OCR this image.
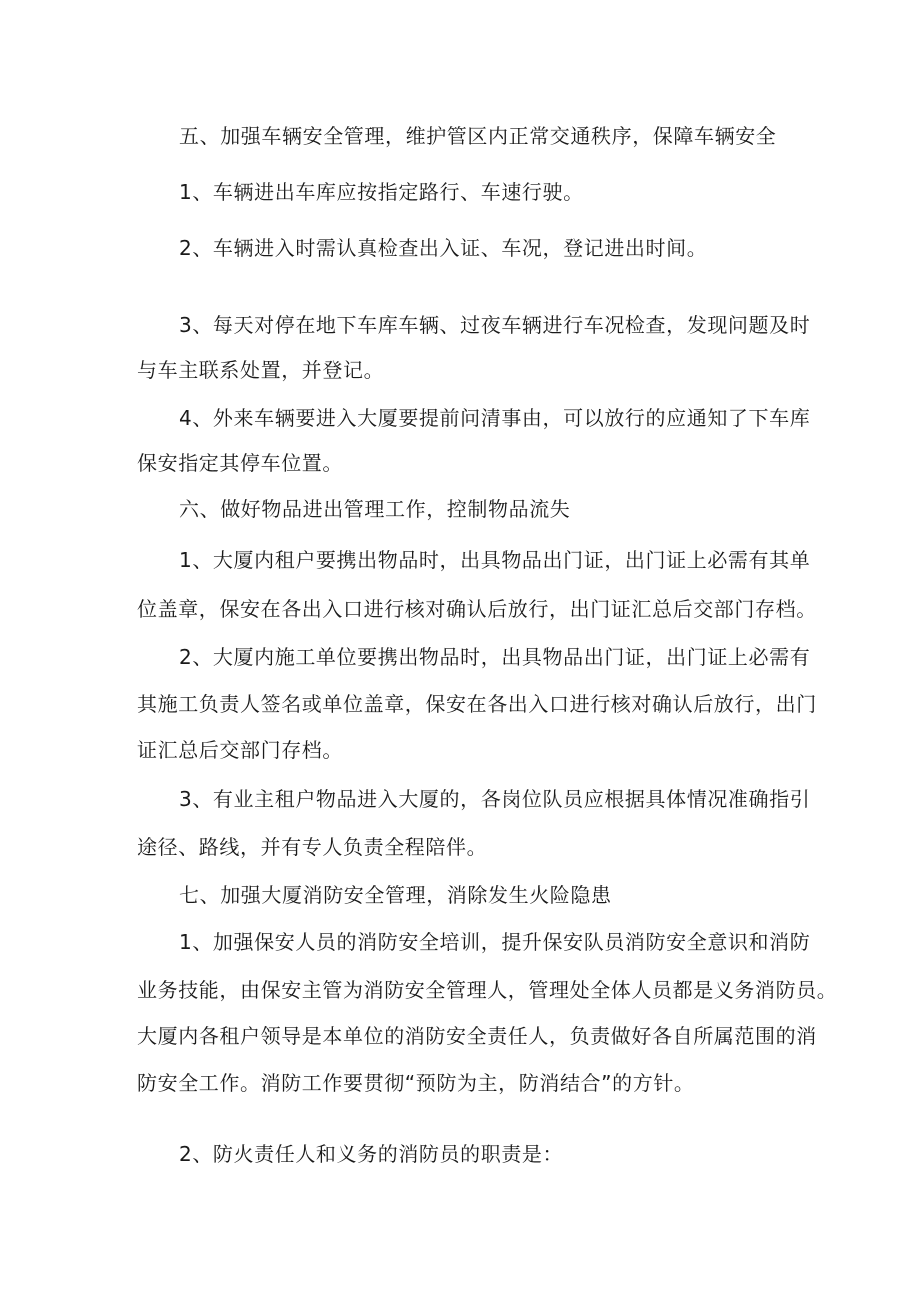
五、加强车辆安全管理，维护管区内正常交通秩序，保障车辆安全
1、车辆进出车库应按指定路行、车速行驶。
2、车辆进入时需认真检查出入证、车况，登记进出时间。
3、每天对停在地下车库车辆、过夜车辆进行车况检查，发现问题及时
与车主联系处置，并登记。
4、外来车辆要进入大厦要提前问清事由，可以放行的应通知了下车库
保安指定其停车位置。
六、做好物品进出管理工作，控制物品流失
1、大厦内租户要携出物品时，出具物品出门证，出门证上必需有其单
位盖章，保安在各出入口进行核对确认后放行，出门证汇总后交部门存档。
2、大厦内施工单位要携出物品时，出具物品出门证，出门证上必需有
其施工负责人签名或单位盖章，保安在各出入口进行核对确认后放行，出门
证汇总后交部门存档。
3、有业主租户物品进入大厦的，各岗位队员应根据具体情况准确指引
途径、路线，并有专人负责全程陪伴。
七、加强大厦消防安全管理，消除发生火险隐患
1、加强保安人员的消防安全培训，提升保安队员消防安全意识和消防
业务技能，由保安主管为消防安全管理人，管理处全体人员都是义务消防员。
大厦内各租户领导是本单位的消防安全责任人，负责做好各自所属范围的消
防安全工作。消防工作要贯彻“预防为主，防消结合”的方针。
2、防火责任人和义务的消防员的职责是：
